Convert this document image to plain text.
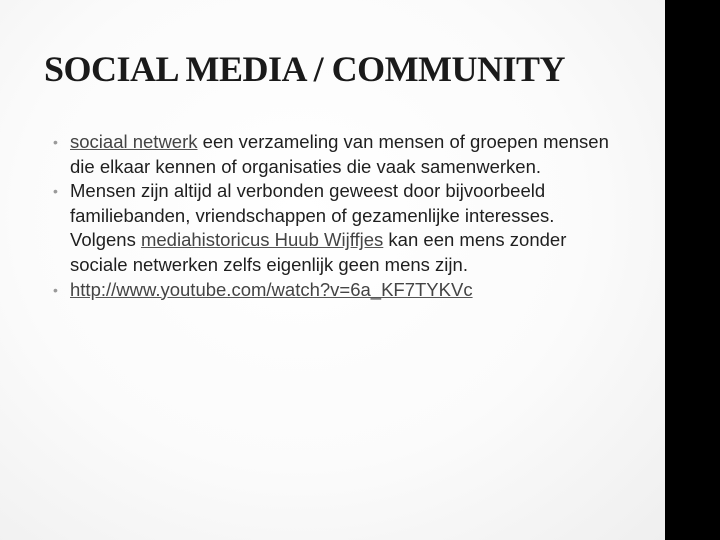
SOCIAL MEDIA / COMMUNITY
• sociaal netwerk een verzameling van mensen of groepen mensen die elkaar kennen of organisaties die vaak samenwerken.
• Mensen zijn altijd al verbonden geweest door bijvoorbeeld familiebanden, vriendschappen of gezamenlijke interesses. Volgens mediahistoricus Huub Wijffjes kan een mens zonder sociale netwerken zelfs eigenlijk geen mens zijn.
• http://www.youtube.com/watch?v=6a_KF7TYKVc
